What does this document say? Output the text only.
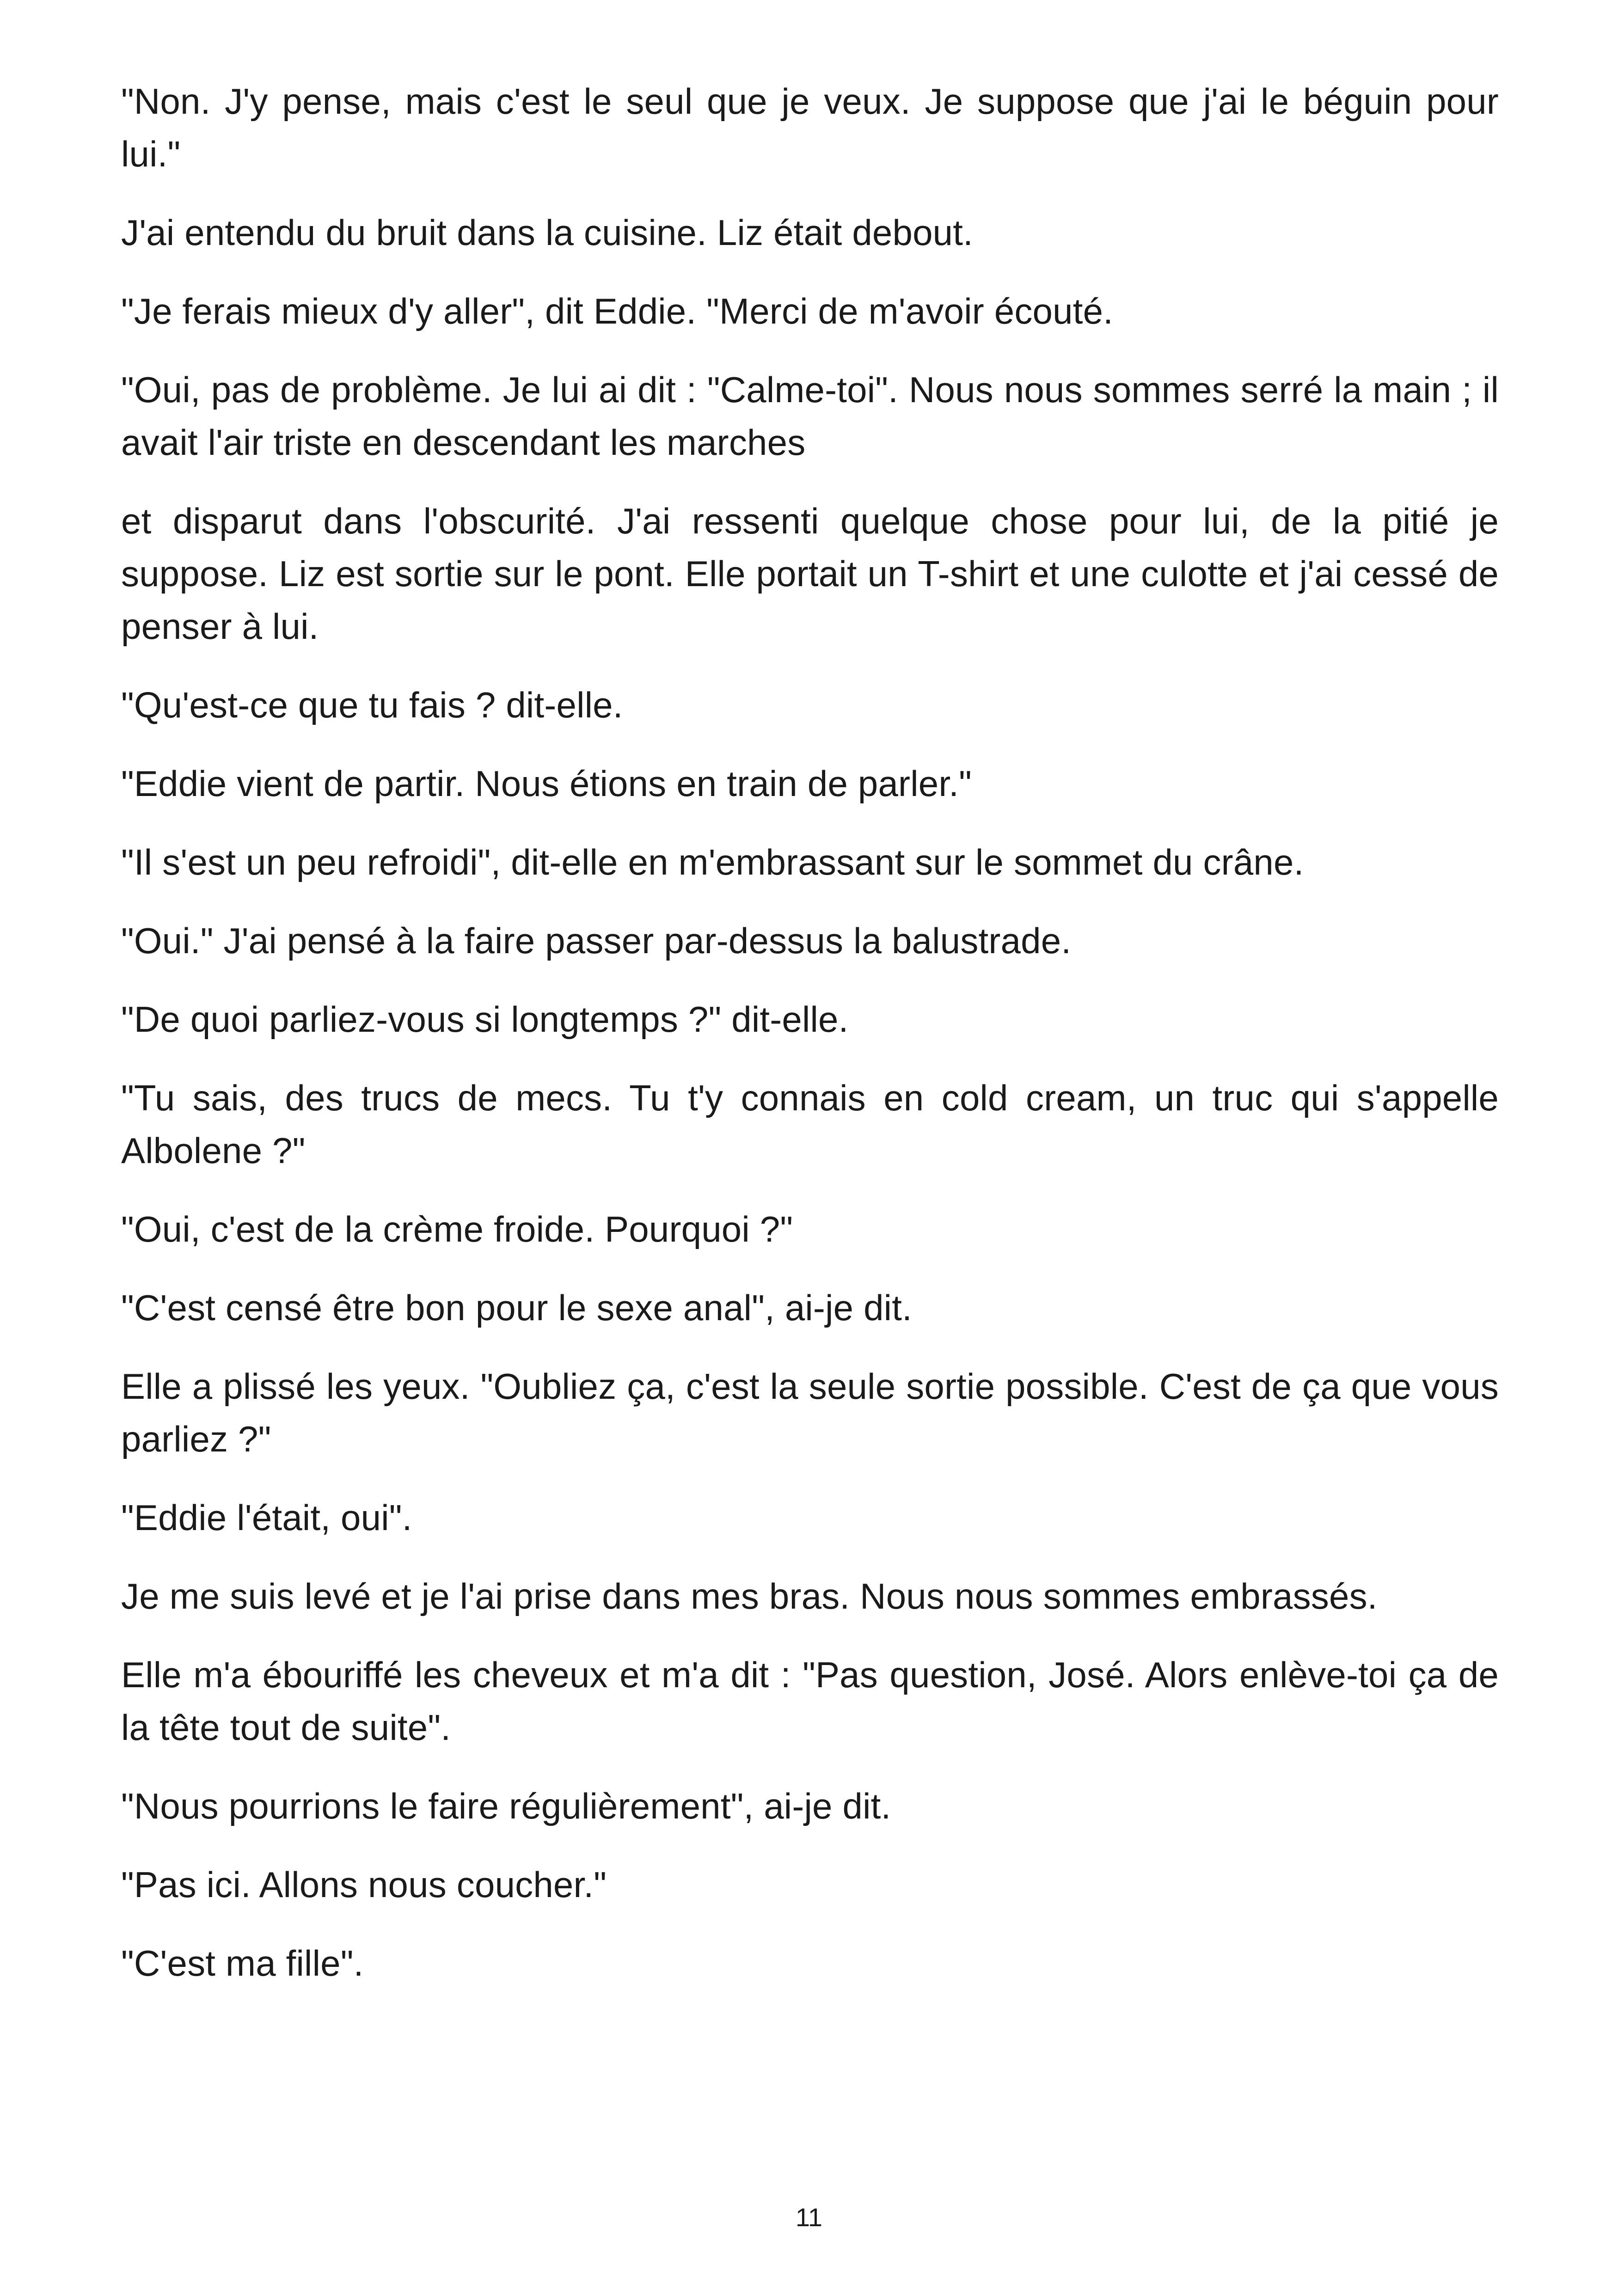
"Non. J'y pense, mais c'est le seul que je veux. Je suppose que j'ai le béguin pour lui."

J'ai entendu du bruit dans la cuisine. Liz était debout.

"Je ferais mieux d'y aller", dit Eddie. "Merci de m'avoir écouté.

"Oui, pas de problème. Je lui ai dit : "Calme-toi". Nous nous sommes serré la main ; il avait l'air triste en descendant les marches

et disparut dans l'obscurité. J'ai ressenti quelque chose pour lui, de la pitié je suppose. Liz est sortie sur le pont. Elle portait un T-shirt et une culotte et j'ai cessé de penser à lui.

"Qu'est-ce que tu fais ? dit-elle.

"Eddie vient de partir. Nous étions en train de parler."

"Il s'est un peu refroidi", dit-elle en m'embrassant sur le sommet du crâne.

"Oui." J'ai pensé à la faire passer par-dessus la balustrade.

"De quoi parliez-vous si longtemps ?" dit-elle.

"Tu sais, des trucs de mecs. Tu t'y connais en cold cream, un truc qui s'appelle Albolene ?"

"Oui, c'est de la crème froide. Pourquoi ?"

"C'est censé être bon pour le sexe anal", ai-je dit.

Elle a plissé les yeux. "Oubliez ça, c'est la seule sortie possible. C'est de ça que vous parliez ?"

"Eddie l'était, oui".

Je me suis levé et je l'ai prise dans mes bras. Nous nous sommes embrassés.

Elle m'a ébouriffé les cheveux et m'a dit : "Pas question, José. Alors enlève-toi ça de la tête tout de suite".

"Nous pourrions le faire régulièrement", ai-je dit.

"Pas ici. Allons nous coucher."

"C'est ma fille".

11
